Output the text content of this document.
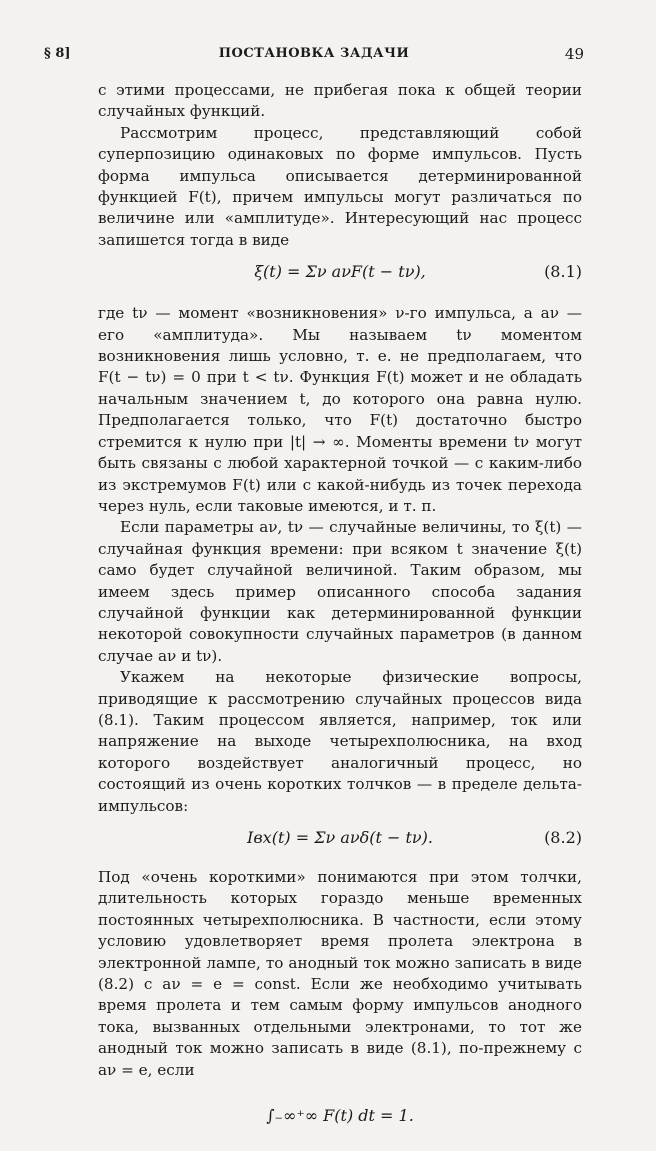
§ 8]	ПОСТАНОВКА ЗАДАЧИ	49

с этими процессами, не прибегая пока к общей теории случайных функций.

Рассмотрим процесс, представляющий собой суперпозицию одинаковых по форме импульсов. Пусть форма импульса описывается детерминированной функцией F(t), причем импульсы могут различаться по величине или «амплитуде». Интересующий нас процесс запишется тогда в виде

ξ(t) = Σν aνF(t − tν),	(8.1)

где tν — момент «возникновения» ν-го импульса, а aν — его «амплитуда». Мы называем tν моментом возникновения лишь условно, т. е. не предполагаем, что F(t − tν) = 0 при t < tν. Функция F(t) может и не обладать начальным значением t, до которого она равна нулю. Предполагается только, что F(t) достаточно быстро стремится к нулю при |t| → ∞. Моменты времени tν могут быть связаны с любой характерной точкой — с каким-либо из экстремумов F(t) или с какой-нибудь из точек перехода через нуль, если таковые имеются, и т. п.

Если параметры aν, tν — случайные величины, то ξ(t) — случайная функция времени: при всяком t значение ξ(t) само будет случайной величиной. Таким образом, мы имеем здесь пример описанного способа задания случайной функции как детерминированной функции некоторой совокупности случайных параметров (в данном случае aν и tν).

Укажем на некоторые физические вопросы, приводящие к рассмотрению случайных процессов вида (8.1). Таким процессом является, например, ток или напряжение на выходе четырехполюсника, на вход которого воздействует аналогичный процесс, но состоящий из очень коротких толчков — в пределе дельта-импульсов:

Iвх(t) = Σν aνδ(t − tν).	(8.2)

Под «очень короткими» понимаются при этом толчки, длительность которых гораздо меньше временных постоянных четырехполюсника. В частности, если этому условию удовлетворяет время пролета электрона в электронной лампе, то анодный ток можно записать в виде (8.2) с aν = e = const. Если же необходимо учитывать время пролета и тем самым форму импульсов анодного тока, вызванных отдельными электронами, то тот же анодный ток можно записать в виде (8.1), по-прежнему с aν = e, если

∫₋∞⁺∞ F(t) dt = 1.
